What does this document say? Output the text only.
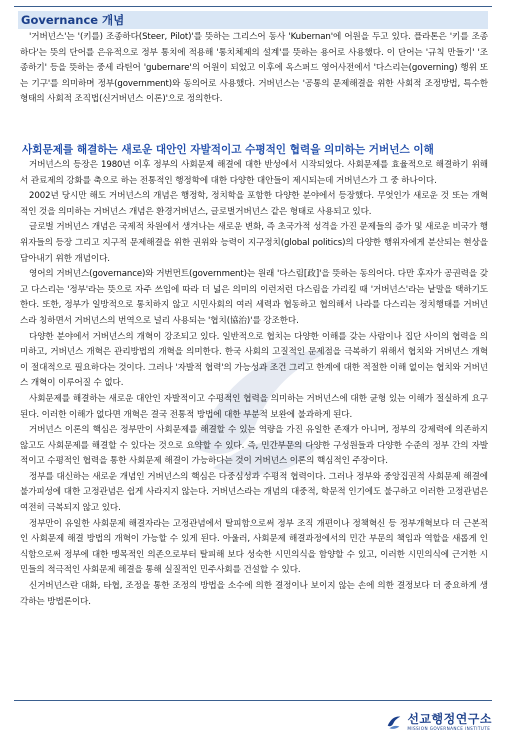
Governance 개념

'거버넌스'는 '(키를) 조종하다(Steer, Pilot)'를 뜻하는 그리스어 동사 'Kubernan'에 어원을 두고 있다. 플라톤은 '키를 조종하다'는 뜻의 단어를 은유적으로 정부 통치에 적용해 '통치체제의 설계'를 뜻하는 용어로 사용했다. 이 단어는 '규칙 만들기' '조종하기' 등을 뜻하는 중세 라틴어 'gubernare'의 어원이 되었고 이후에 옥스퍼드 영어사전에서 '다스리는(governing) 행위 또는 기구'를 의미하며 정부(government)와 동의어로 사용했다. 거버넌스는 '공통의 문제해결을 위한 사회적 조정방법, 특수한 형태의 사회적 조직법(신거버넌스 이론)'으로 정의한다.

사회문제를 해결하는 새로운 대안인 자발적이고 수평적인 협력을 의미하는 거버넌스 이해

거버넌스의 등장은 1980년 이후 정부의 사회문제 해결에 대한 반성에서 시작되었다. 사회문제를 효율적으로 해결하기 위해서 관료제의 강화를 축으로 하는 전통적인 행정학에 대한 다양한 대안들이 제시되는데 거버넌스가 그 중 하나이다.

2002년 당시만 해도 거버넌스의 개념은 행정학, 정치학을 포함한 다양한 분야에서 등장했다. 무엇인가 새로운 것 또는 개혁적인 것을 의미하는 거버넌스 개념은 환경거버넌스, 글로벌거버넌스 같은 형태로 사용되고 있다.

글로벌 거버넌스 개념은 국제적 차원에서 생겨나는 새로운 변화, 즉 초국가적 성격을 가진 문제들의 증가 및 새로운 비국가 행위자들의 등장 그리고 지구적 문제해결을 위한 권위와 능력이 지구정치(global politics)의 다양한 행위자에게 분산되는 현상을 담아내기 위한 개념이다.

영어의 거버넌스(governance)와 거번먼트(government)는 원래 '다스림[政]'을 뜻하는 동의어다. 다만 후자가 공권력을 갖고 다스리는 '정부'라는 뜻으로 자주 쓰임에 따라 더 넓은 의미의 이런저런 다스림을 가리킬 때 '거버넌스'라는 낱말을 택하기도 한다. 또한, 정부가 일방적으로 통치하지 않고 시민사회의 여러 세력과 협동하고 협의해서 나라를 다스리는 정치행태를 거버넌스라 칭하면서 거버넌스의 번역으로 널리 사용되는 '협치(協治)'를 강조한다.

다양한 분야에서 거버넌스의 개혁이 강조되고 있다. 일반적으로 협치는 다양한 이해를 갖는 사람이나 집단 사이의 협력을 의미하고, 거버넌스 개혁은 관리방법의 개혁을 의미한다. 한국 사회의 고질적인 문제점을 극복하기 위해서 협치와 거버넌스 개혁이 절대적으로 필요하다는 것이다. 그러나 '자발적 협력'의 가능성과 조건 그리고 한계에 대한 적절한 이해 없이는 협치와 거버넌스 개혁이 이루어질 수 없다.

사회문제를 해결하는 새로운 대안인 자발적이고 수평적인 협력을 의미하는 거버넌스에 대한 균형 있는 이해가 절실하게 요구된다. 이러한 이해가 없다면 개혁은 결국 전통적 방법에 대한 부분적 보완에 불과하게 된다.

거버넌스 이론의 핵심은 정부만이 사회문제를 해결할 수 있는 역량을 가진 유일한 존재가 아니며, 정부의 강제력에 의존하지 않고도 사회문제를 해결할 수 있다는 것으로 요약할 수 있다. 즉, 민간부문의 다양한 구성원들과 다양한 수준의 정부 간의 자발적이고 수평적인 협력을 통한 사회문제 해결이 가능하다는 것이 거버넌스 이론의 핵심적인 주장이다.

정부를 대신하는 새로운 개념인 거버넌스의 핵심은 다중심성과 수평적 협력이다. 그러나 정부와 중앙집권적 사회문제 해결에 불가피성에 대한 고정관념은 쉽게 사라지지 않는다. 거버넌스라는 개념의 대중적, 학문적 인기에도 불구하고 이러한 고정관념은 여전히 극복되지 않고 있다.

정부만이 유일한 사회문제 해결자라는 고정관념에서 탈피함으로써 정부 조직 개편이나 정책혁신 등 정부개혁보다 더 근본적인 사회문제 해결 방법의 개혁이 가능할 수 있게 된다. 아울러, 사회문제 해결과정에서의 민간 부문의 책임과 역할을 새롭게 인식함으로써 정부에 대한 맹목적인 의존으로부터 탈피해 보다 성숙한 시민의식을 함양할 수 있고, 이러한 시민의식에 근거한 시민들의 적극적인 사회문제 해결을 통해 실질적인 민주사회를 건설할 수 있다.

신거버넌스란 대화, 타협, 조정을 통한 조정의 방법을 소수에 의한 결정이나 보이지 않는 손에 의한 결정보다 더 중요하게 생각하는 방법론이다.

선교행정연구소
MISSION GOVERNANCE INSTITUTE
